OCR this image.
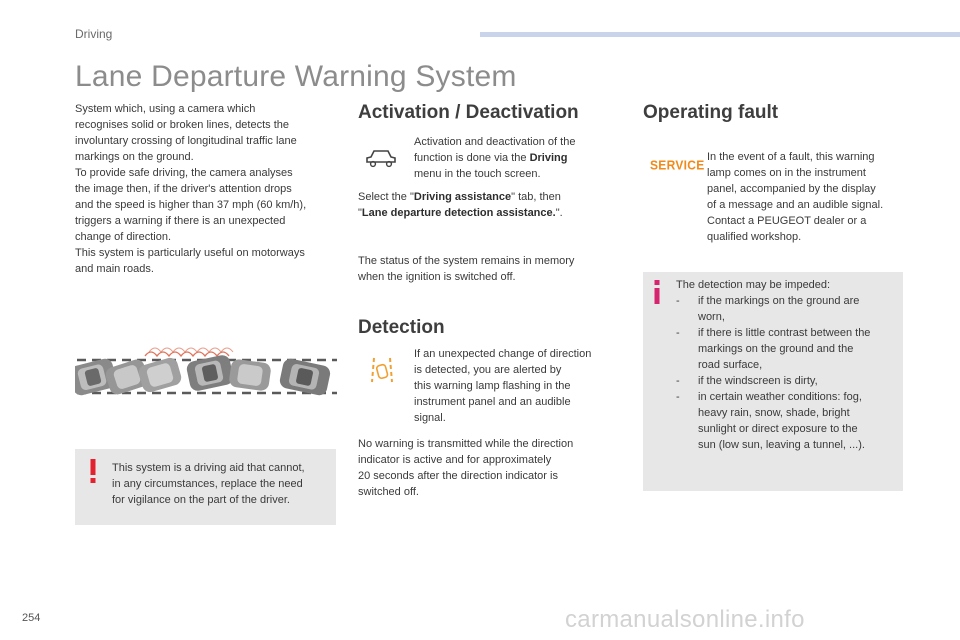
Driving
Lane Departure Warning System
System which, using a camera which
recognises solid or broken lines, detects the
involuntary crossing of longitudinal traffic lane
markings on the ground.
To provide safe driving, the camera analyses
the image then, if the driver's attention drops
and the speed is higher than 37 mph (60 km/h),
triggers a warning if there is an unexpected
change of direction.
This system is particularly useful on motorways
and main roads.
This system is a driving aid that cannot,
in any circumstances, replace the need
for vigilance on the part of the driver.
Activation / Deactivation
Activation and deactivation of the
function is done via the Driving
menu in the touch screen.
Select the "Driving assistance" tab, then
"Lane departure detection assistance.".
The status of the system remains in memory
when the ignition is switched off.
Detection
If an unexpected change of direction
is detected, you are alerted by
this warning lamp flashing in the
instrument panel and an audible
signal.
No warning is transmitted while the direction
indicator is active and for approximately
20 seconds after the direction indicator is
switched off.
Operating fault
SERVICE
In the event of a fault, this warning
lamp comes on in the instrument
panel, accompanied by the display
of a message and an audible signal.
Contact a PEUGEOT dealer or a
qualified workshop.
The detection may be impeded:
- if the markings on the ground are
worn,
- if there is little contrast between the
markings on the ground and the
road surface,
- if the windscreen is dirty,
- in certain weather conditions: fog,
heavy rain, snow, shade, bright
sunlight or direct exposure to the
sun (low sun, leaving a tunnel, ...).
254	carmanualsonline.info
